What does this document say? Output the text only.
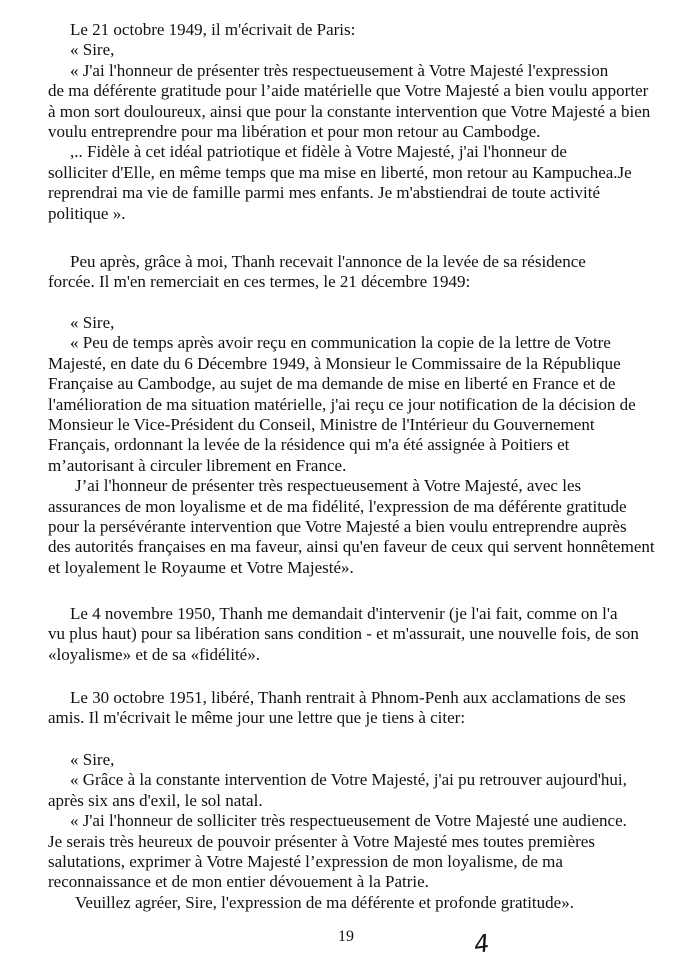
Le 21 octobre 1949, il m'écrivait de Paris:
« Sire,
« J'ai l'honneur de présenter très respectueusement à Votre Majesté l'expression
de ma déférente gratitude pour l’aide matérielle que Votre Majesté a bien voulu apporter
à mon sort douloureux, ainsi que pour la constante intervention que Votre Majesté a bien
voulu entreprendre pour ma libération et pour mon retour au Cambodge.
,.. Fidèle à cet idéal patriotique et fidèle à Votre Majesté, j'ai l'honneur de
solliciter d'Elle, en même temps que ma mise en liberté, mon retour au Kampuchea.Je
reprendrai ma vie de famille parmi mes enfants. Je m'abstiendrai de toute activité
politique ».
Peu après, grâce à moi, Thanh recevait l'annonce de la levée de sa résidence
forcée. Il m'en remerciait en ces termes, le 21 décembre 1949:
« Sire,
« Peu de temps après avoir reçu en communication la copie de la lettre de Votre
Majesté, en date du 6 Décembre 1949, à Monsieur le Commissaire de la République
Française au Cambodge, au sujet de ma demande de mise en liberté en France et de
l'amélioration de ma situation matérielle, j'ai reçu ce jour notification de la décision de
Monsieur le Vice-Président du Conseil, Ministre de l'Intérieur du Gouvernement
Français, ordonnant la levée de la résidence qui m'a été assignée à Poitiers et
m’autorisant à circuler librement en France.
J’ai l'honneur de présenter très respectueusement à Votre Majesté, avec les
assurances de mon loyalisme et de ma fidélité, l'expression de ma déférente gratitude
pour la persévérante intervention que Votre Majesté a bien voulu entreprendre auprès
des autorités françaises en ma faveur, ainsi qu'en faveur de ceux qui servent honnêtement
et loyalement le Royaume et Votre Majesté».
Le 4 novembre 1950, Thanh me demandait d'intervenir (je l'ai fait, comme on l'a
vu plus haut) pour sa libération sans condition - et m'assurait, une nouvelle fois, de son
«loyalisme» et de sa «fidélité».
Le 30 octobre 1951, libéré, Thanh rentrait à Phnom-Penh aux acclamations de ses
amis. Il m'écrivait le même jour une lettre que je tiens à citer:
« Sire,
« Grâce à la constante intervention de Votre Majesté, j'ai pu retrouver aujourd'hui,
après six ans d'exil, le sol natal.
« J'ai l'honneur de solliciter très respectueusement de Votre Majesté une audience.
Je serais très heureux de pouvoir présenter à Votre Majesté mes toutes premières
salutations, exprimer à Votre Majesté l’expression de mon loyalisme, de ma
reconnaissance et de mon entier dévouement à la Patrie.
Veuillez agréer, Sire, l'expression de ma déférente et profonde gratitude».
19	4
